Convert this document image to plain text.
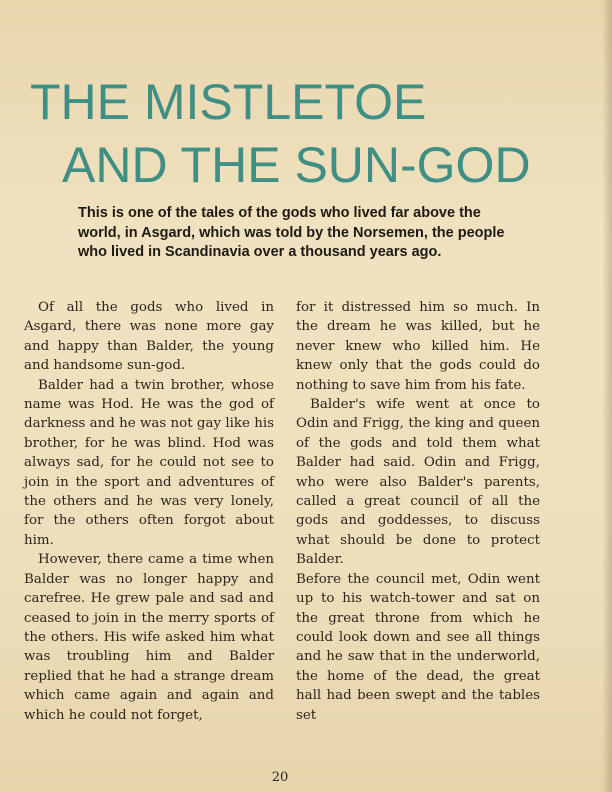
THE MISTLETOE
AND THE SUN-GOD

This is one of the tales of the gods who lived far above the world, in Asgard, which was told by the Norsemen, the people who lived in Scandinavia over a thousand years ago.

Of all the gods who lived in Asgard, there was none more gay and happy than Balder, the young and handsome sun-god.

Balder had a twin brother, whose name was Hod. He was the god of darkness and he was not gay like his brother, for he was blind. Hod was always sad, for he could not see to join in the sport and adventures of the others and he was very lonely, for the others often forgot about him.

However, there came a time when Balder was no longer happy and carefree. He grew pale and sad and ceased to join in the merry sports of the others. His wife asked him what was troubling him and Balder replied that he had a strange dream which came again and again and which he could not forget,

for it distressed him so much. In the dream he was killed, but he never knew who killed him. He knew only that the gods could do nothing to save him from his fate.

Balder's wife went at once to Odin and Frigg, the king and queen of the gods and told them what Balder had said. Odin and Frigg, who were also Balder's parents, called a great council of all the gods and goddesses, to discuss what should be done to protect Balder.

Before the council met, Odin went up to his watch-tower and sat on the great throne from which he could look down and see all things and he saw that in the underworld, the home of the dead, the great hall had been swept and the tables set

20
